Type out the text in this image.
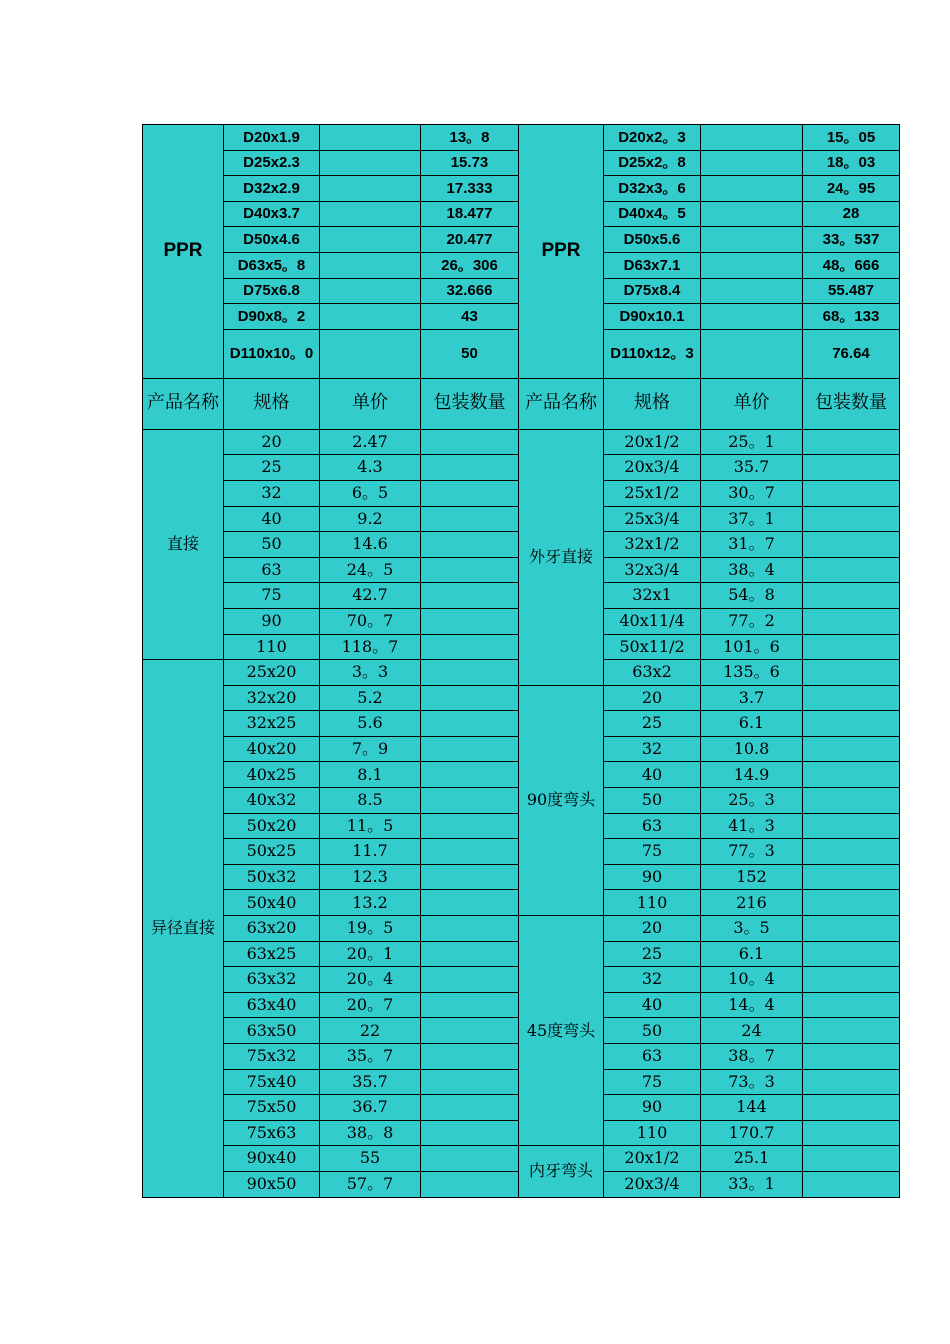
PPR	D20x1.9		13。8	PPR	D20x2。3		15。05
	D25x2.3		15.73		D25x2。8		18。03
	D32x2.9		17.333		D32x3。6		24。95
	D40x3.7		18.477		D40x4。5		28
	D50x4.6		20.477		D50x5.6		33。537
	D63x5。8		26。306		D63x7.1		48。666
	D75x6.8		32.666		D75x8.4		55.487
	D90x8。2		43		D90x10.1		68。133
	D110x10。0		50		D110x12。3		76.64
产品名称	规格	单价	包装数量	产品名称	规格	单价	包装数量
直接	20	2.47		外牙直接	20x1/2	25。1	
	25	4.3			20x3/4	35.7	
	32	6。5			25x1/2	30。7	
	40	9.2			25x3/4	37。1	
	50	14.6			32x1/2	31。7	
	63	24。5			32x3/4	38。4	
	75	42.7			32x1	54。8	
	90	70。7			40x11/4	77。2	
	110	118。7			50x11/2	101。6	
异径直接	25x20	3。3			63x2	135。6	
	32x20	5.2		90度弯头	20	3.7	
	32x25	5.6			25	6.1	
	40x20	7。9			32	10.8	
	40x25	8.1			40	14.9	
	40x32	8.5			50	25。3	
	50x20	11。5			63	41。3	
	50x25	11.7			75	77。3	
	50x32	12.3			90	152	
	50x40	13.2			110	216	
	63x20	19。5		45度弯头	20	3。5	
	63x25	20。1			25	6.1	
	63x32	20。4			32	10。4	
	63x40	20。7			40	14。4	
	63x50	22			50	24	
	75x32	35。7			63	38。7	
	75x40	35.7			75	73。3	
	75x50	36.7			90	144	
	75x63	38。8			110	170.7	
	90x40	55		内牙弯头	20x1/2	25.1	
	90x50	57。7			20x3/4	33。1	
